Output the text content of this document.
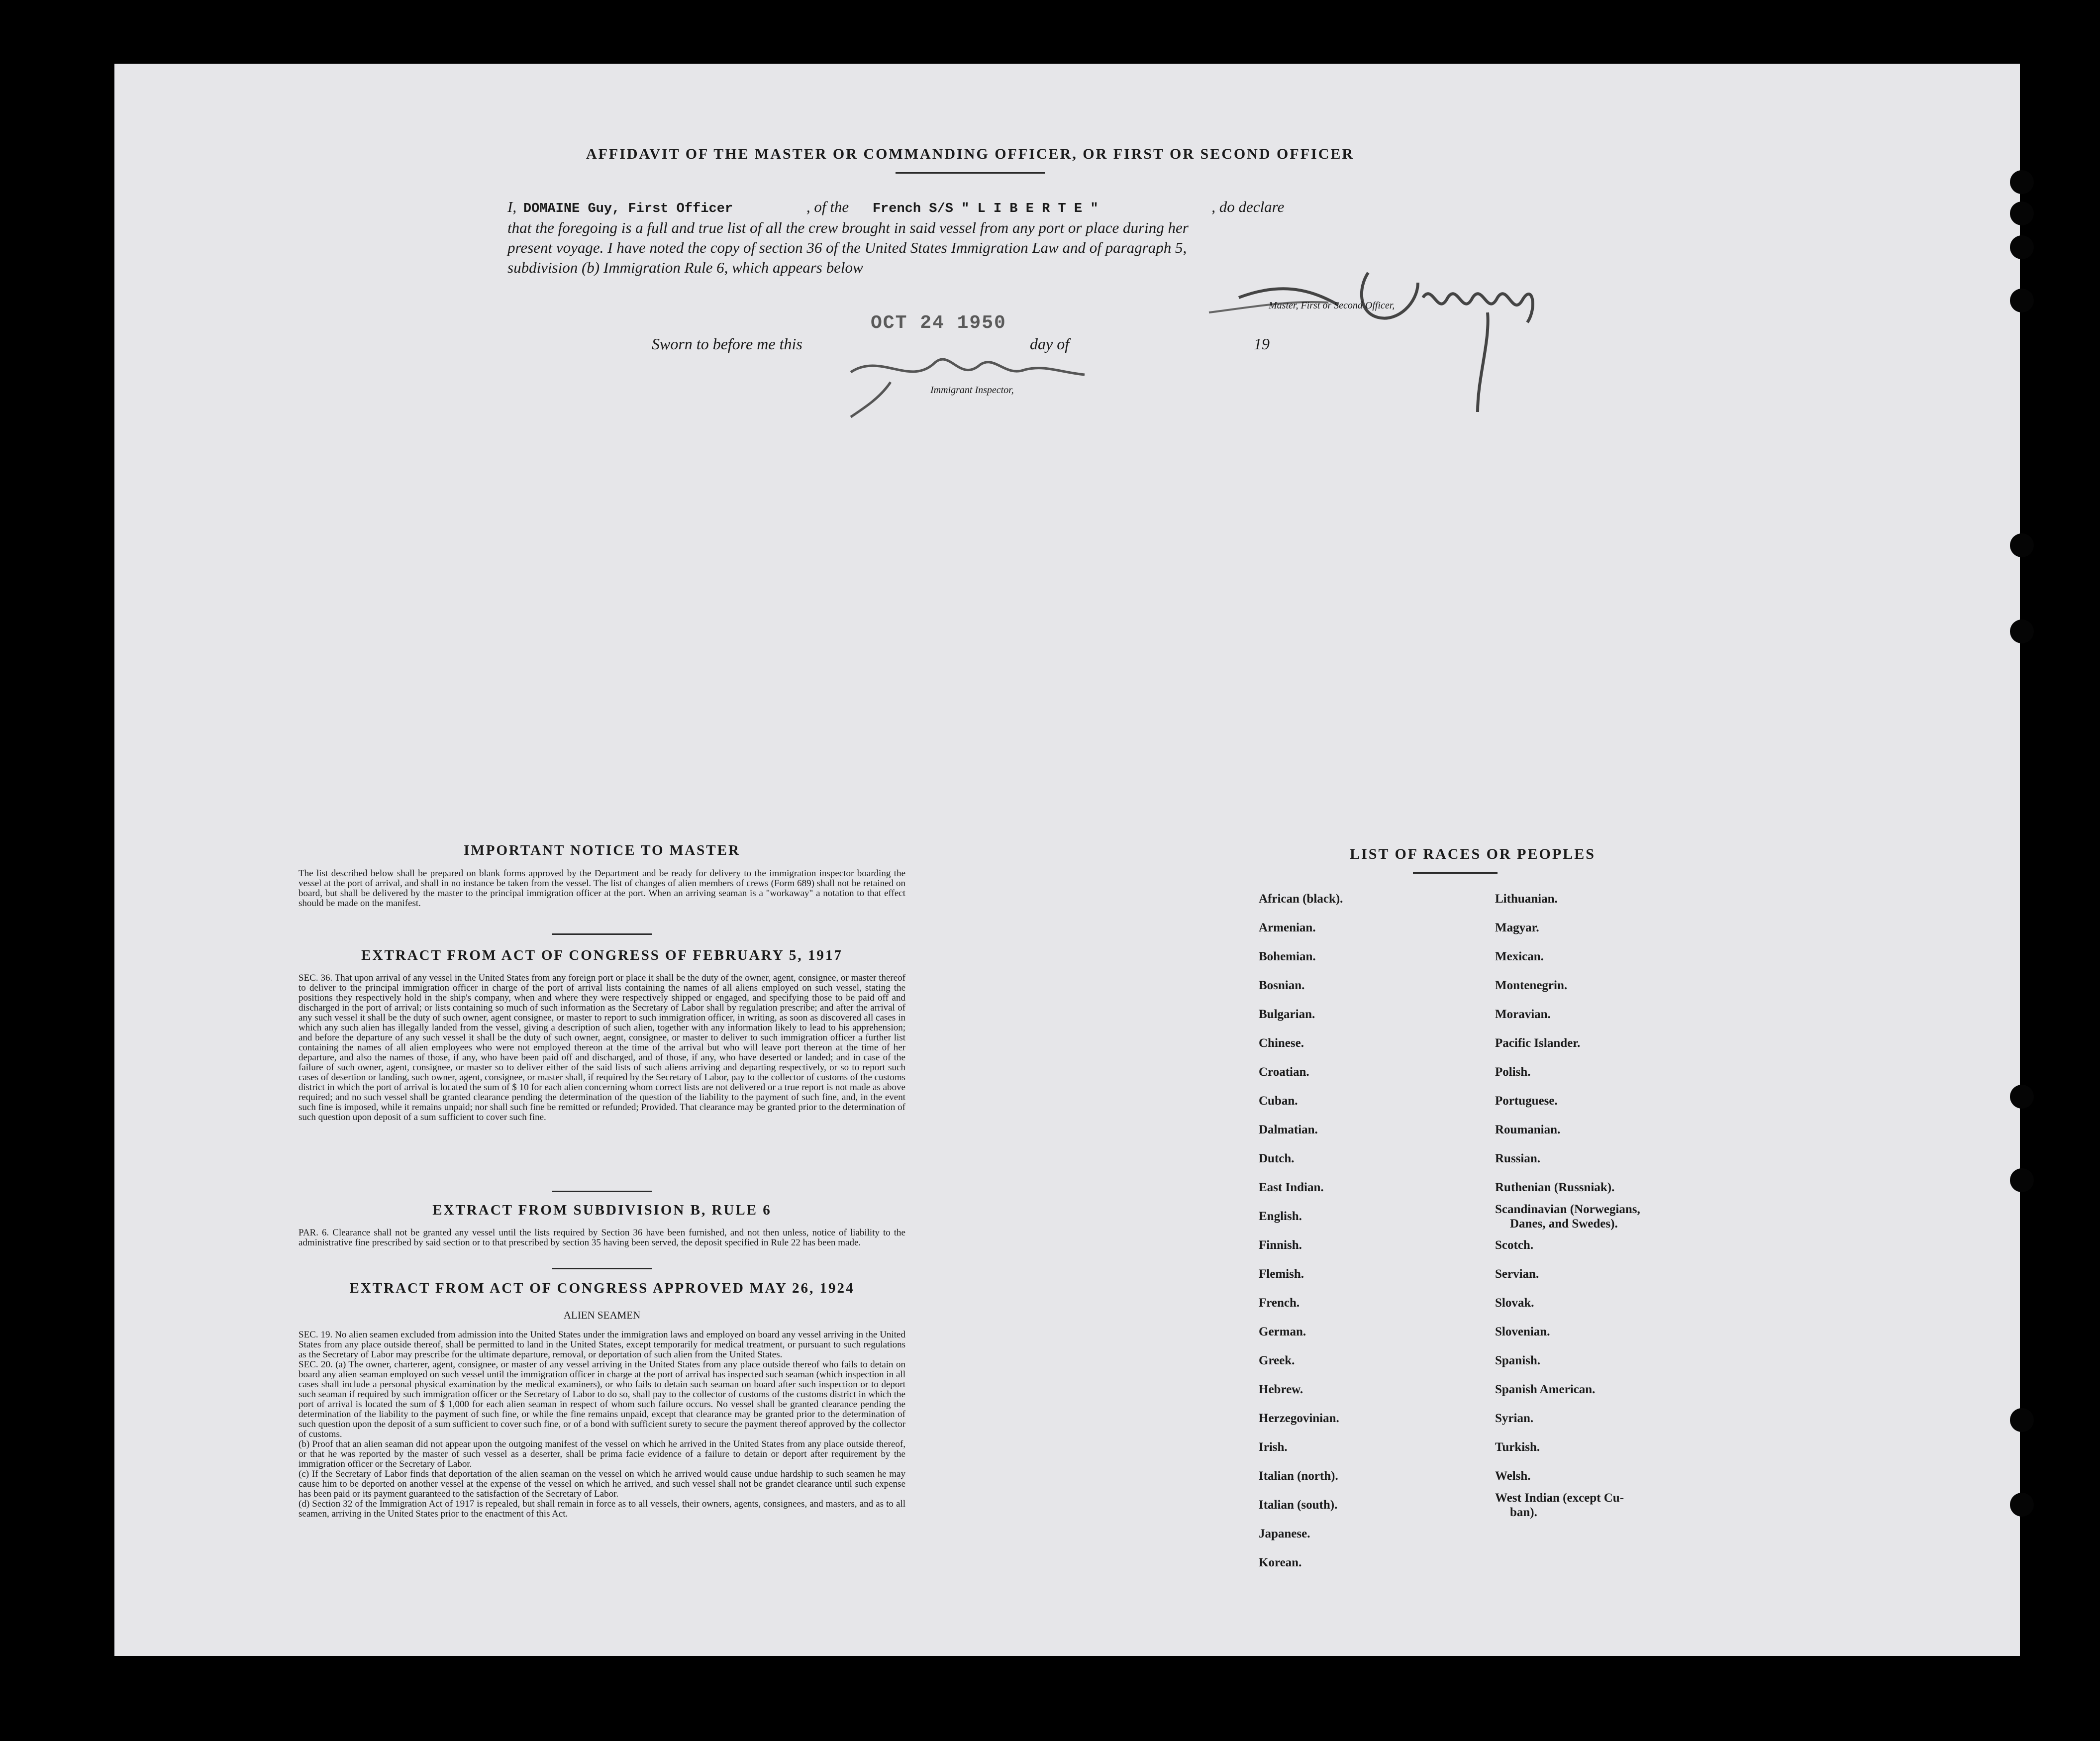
AFFIDAVIT OF THE MASTER OR COMMANDING OFFICER, OR FIRST OR SECOND OFFICER
I, DOMAINE Guy, First Officer	, of the French S/S " L I B E R T E "	, do declare
that the foregoing is a full and true list of all the crew brought in said vessel from any port or place during her
present voyage. I have noted the copy of section 36 of the United States Immigration Law and of paragraph 5,
subdivision (b) Immigration Rule 6, which appears below
Master, First or Second Officer,
Sworn to before me this
OCT 24 1950
day of	19
Immigrant Inspector,
IMPORTANT NOTICE TO MASTER
The list described below shall be prepared on blank forms approved by the Department and be ready for delivery to the immigration inspector boarding the vessel at the port of arrival, and shall in no instance be taken from the vessel. The list of changes of alien members of crews (Form 689) shall not be retained on board, but shall be delivered by the master to the principal immigration officer at the port. When an arriving seaman is a "workaway" a notation to that effect should be made on the manifest.
EXTRACT FROM ACT OF CONGRESS OF FEBRUARY 5, 1917
SEC. 36. That upon arrival of any vessel in the United States from any foreign port or place it shall be the duty of the owner, agent, consignee, or master thereof to deliver to the principal immigration officer in charge of the port of arrival lists containing the names of all aliens employed on such vessel, stating the positions they respectively hold in the ship's company, when and where they were respectively shipped or engaged, and specifying those to be paid off and discharged in the port of arrival; or lists containing so much of such information as the Secretary of Labor shall by regulation prescribe; and after the arrival of any such vessel it shall be the duty of such owner, agent consignee, or master to report to such immigration officer, in writing, as soon as discovered all cases in which any such alien has illegally landed from the vessel, giving a description of such alien, together with any information likely to lead to his apprehension; and before the departure of any such vessel it shall be the duty of such owner, aegnt, consignee, or master to deliver to such immigration officer a further list containing the names of all alien employees who were not employed thereon at the time of the arrival but who will leave port thereon at the time of her departure, and also the names of those, if any, who have been paid off and discharged, and of those, if any, who have deserted or landed; and in case of the failure of such owner, agent, consignee, or master so to deliver either of the said lists of such aliens arriving and departing respectively, or so to report such cases of desertion or landing, such owner, agent, consignee, or master shall, if required by the Secretary of Labor, pay to the collector of customs of the customs district in which the port of arrival is located the sum of $ 10 for each alien concerning whom correct lists are not delivered or a true report is not made as above required; and no such vessel shall be granted clearance pending the determination of the question of the liability to the payment of such fine, and, in the event such fine is imposed, while it remains unpaid; nor shall such fine be remitted or refunded; Provided. That clearance may be granted prior to the determination of such question upon deposit of a sum sufficient to cover such fine.
EXTRACT FROM SUBDIVISION B, RULE 6
PAR. 6. Clearance shall not be granted any vessel until the lists required by Section 36 have been furnished, and not then unless, notice of liability to the administrative fine prescribed by said section or to that prescribed by section 35 having been served, the deposit specified in Rule 22 has been made.
EXTRACT FROM ACT OF CONGRESS APPROVED MAY 26, 1924
ALIEN SEAMEN
SEC. 19. No alien seamen excluded from admission into the United States under the immigration laws and employed on board any vessel arriving in the United States from any place outside thereof, shall be permitted to land in the United States, except temporarily for medical treatment, or pursuant to such regulations as the Secretary of Labor may prescribe for the ultimate departure, removal, or deportation of such alien from the United States.
SEC. 20. (a) The owner, charterer, agent, consignee, or master of any vessel arriving in the United States from any place outside thereof who fails to detain on board any alien seaman employed on such vessel until the immigration officer in charge at the port of arrival has inspected such seaman (which inspection in all cases shall include a personal physical examination by the medical examiners), or who fails to detain such seaman on board after such inspection or to deport such seaman if required by such immigration officer or the Secretary of Labor to do so, shall pay to the collector of customs of the customs district in which the port of arrival is located the sum of $ 1,000 for each alien seaman in respect of whom such failure occurs. No vessel shall be granted clearance pending the determination of the liability to the payment of such fine, or while the fine remains unpaid, except that clearance may be granted prior to the determination of such question upon the deposit of a sum sufficient to cover such fine, or of a bond with sufficient surety to secure the payment thereof approved by the collector of customs.
(b) Proof that an alien seaman did not appear upon the outgoing manifest of the vessel on which he arrived in the United States from any place outside thereof, or that he was reported by the master of such vessel as a deserter, shall be prima facie evidence of a failure to detain or deport after requirement by the immigration officer or the Secretary of Labor.
(c) If the Secretary of Labor finds that deportation of the alien seaman on the vessel on which he arrived would cause undue hardship to such seamen he may cause him to be deported on another vessel at the expense of the vessel on which he arrived, and such vessel shall not be grandet clearance until such expense has been paid or its payment guaranteed to the satisfaction of the Secretary of Labor.
(d) Section 32 of the Immigration Act of 1917 is repealed, but shall remain in force as to all vessels, their owners, agents, consignees, and masters, and as to all seamen, arriving in the United States prior to the enactment of this Act.
LIST OF RACES OR PEOPLES
African (black).
Armenian.
Bohemian.
Bosnian.
Bulgarian.
Chinese.
Croatian.
Cuban.
Dalmatian.
Dutch.
East Indian.
English.
Finnish.
Flemish.
French.
German.
Greek.
Hebrew.
Herzegovinian.
Irish.
Italian (north).
Italian (south).
Japanese.
Korean.
Lithuanian.
Magyar.
Mexican.
Montenegrin.
Moravian.
Pacific Islander.
Polish.
Portuguese.
Roumanian.
Russian.
Ruthenian (Russniak).
Scandinavian (Norwegians,
Danes, and Swedes).
Scotch.
Servian.
Slovak.
Slovenian.
Spanish.
Spanish American.
Syrian.
Turkish.
Welsh.
West Indian (except Cu-
ban).
